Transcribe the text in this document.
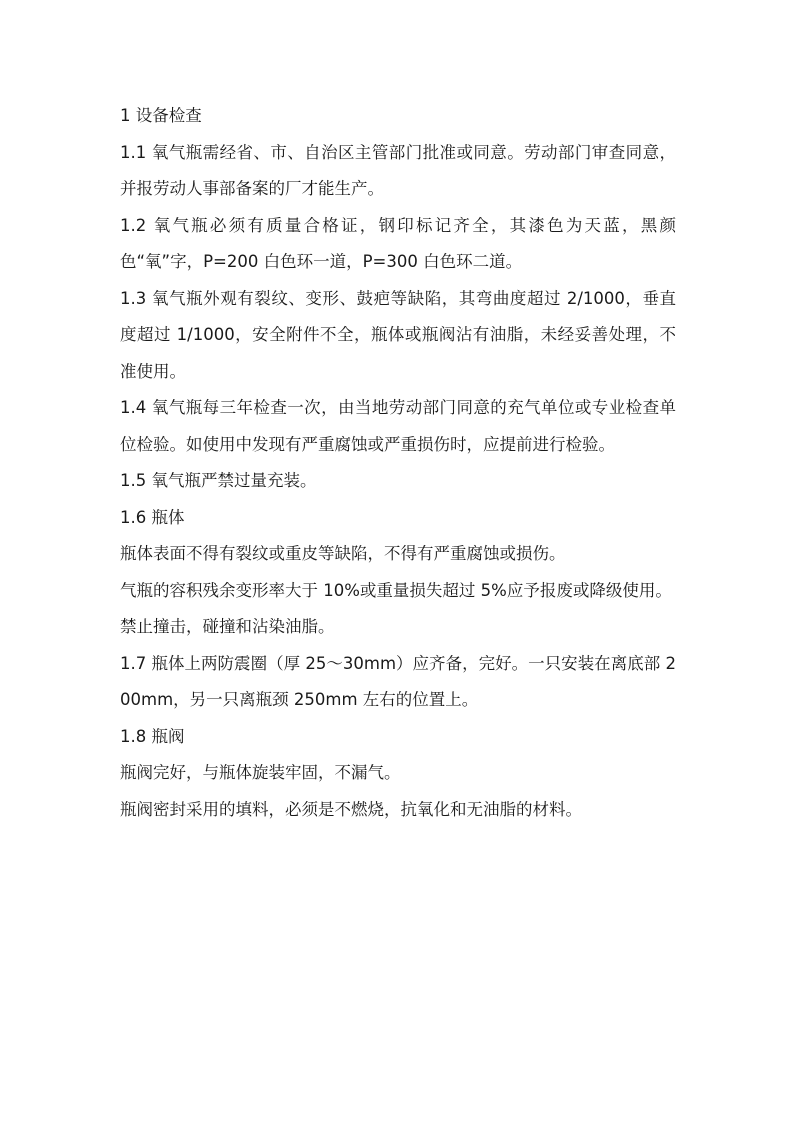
1 设备检查

1.1 氧气瓶需经省、市、自治区主管部门批准或同意。劳动部门审查同意，并报劳动人事部备案的厂才能生产。

1.2 氧气瓶必须有质量合格证，钢印标记齐全，其漆色为天蓝，黑颜色“氧”字，P=200 白色环一道，P=300 白色环二道。

1.3 氧气瓶外观有裂纹、变形、鼓疤等缺陷，其弯曲度超过 2/1000，垂直度超过 1/1000，安全附件不全，瓶体或瓶阀沾有油脂，未经妥善处理，不准使用。

1.4 氧气瓶每三年检查一次，由当地劳动部门同意的充气单位或专业检查单位检验。如使用中发现有严重腐蚀或严重损伤时，应提前进行检验。

1.5 氧气瓶严禁过量充装。

1.6 瓶体

瓶体表面不得有裂纹或重皮等缺陷，不得有严重腐蚀或损伤。

气瓶的容积残余变形率大于 10%或重量损失超过 5%应予报废或降级使用。

禁止撞击，碰撞和沾染油脂。

1.7 瓶体上两防震圈（厚 25～30mm）应齐备，完好。一只安装在离底部 200mm，另一只离瓶颈 250mm 左右的位置上。

1.8 瓶阀

瓶阀完好，与瓶体旋装牢固，不漏气。

瓶阀密封采用的填料，必须是不燃烧，抗氧化和无油脂的材料。
